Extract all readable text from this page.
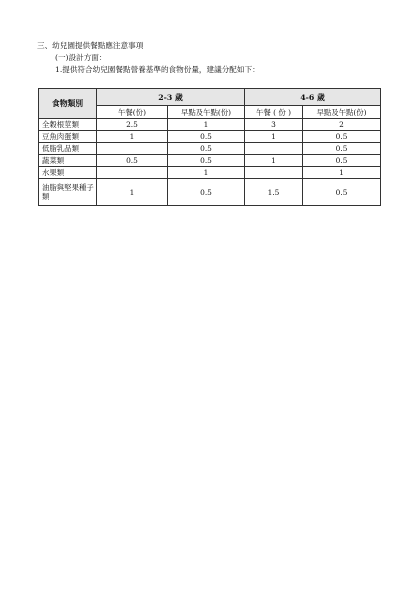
三、幼兒園提供餐點應注意事項
(一)設計方面：
1.提供符合幼兒園餐點營養基準的食物份量，建議分配如下：
食物類別	2-3 歲		4-6 歲	
	午餐(份)	早點及午點(份)	午餐 ( 份 )	早點及午點(份)
全穀根莖類	2.5	1	3	2
豆魚肉蛋類	1	0.5	1	0.5
低脂乳品類		0.5		0.5
蔬菜類	0.5	0.5	1	0.5
水果類		1		1
油脂與堅果種子類	1	0.5	1.5	0.5
